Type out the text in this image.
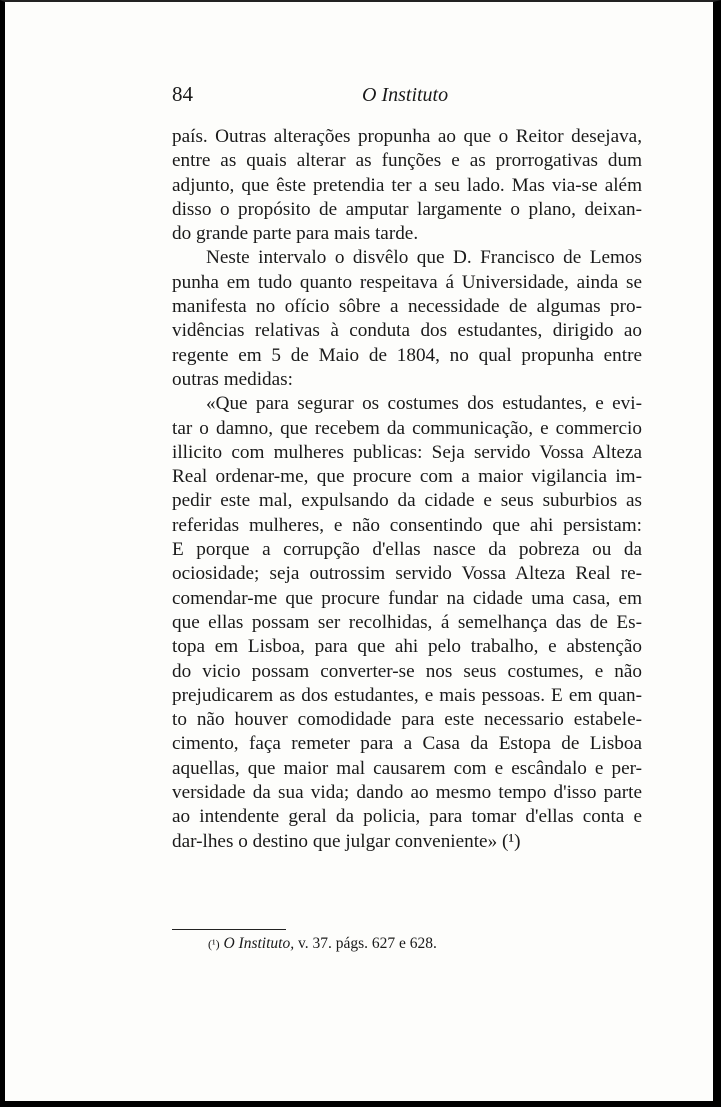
84	O Instituto

país. Outras alterações propunha ao que o Reitor desejava,
entre as quais alterar as funções e as prorrogativas dum
adjunto, que êste pretendia ter a seu lado. Mas via-se além
disso o propósito de amputar largamente o plano, deixan-
do grande parte para mais tarde.

Neste intervalo o disvêlo que D. Francisco de Lemos
punha em tudo quanto respeitava á Universidade, ainda se
manifesta no ofício sôbre a necessidade de algumas pro-
vidências relativas à conduta dos estudantes, dirigido ao
regente em 5 de Maio de 1804, no qual propunha entre
outras medidas:

«Que para segurar os costumes dos estudantes, e evi-
tar o damno, que recebem da communicação, e commercio
illicito com mulheres publicas: Seja servido Vossa Alteza
Real ordenar-me, que procure com a maior vigilancia im-
pedir este mal, expulsando da cidade e seus suburbios as
referidas mulheres, e não consentindo que ahi persistam:
E porque a corrupção d'ellas nasce da pobreza ou da
ociosidade; seja outrossim servido Vossa Alteza Real re-
comendar-me que procure fundar na cidade uma casa, em
que ellas possam ser recolhidas, á semelhança das de Es-
topa em Lisboa, para que ahi pelo trabalho, e abstenção
do vicio possam converter-se nos seus costumes, e não
prejudicarem as dos estudantes, e mais pessoas. E em quan-
to não houver comodidade para este necessario estabele-
cimento, faça remeter para a Casa da Estopa de Lisboa
aquellas, que maior mal causarem com e escândalo e per-
versidade da sua vida; dando ao mesmo tempo d'isso parte
ao intendente geral da policia, para tomar d'ellas conta e
dar-lhes o destino que julgar conveniente» (¹)

(¹) O Instituto, v. 37. págs. 627 e 628.
